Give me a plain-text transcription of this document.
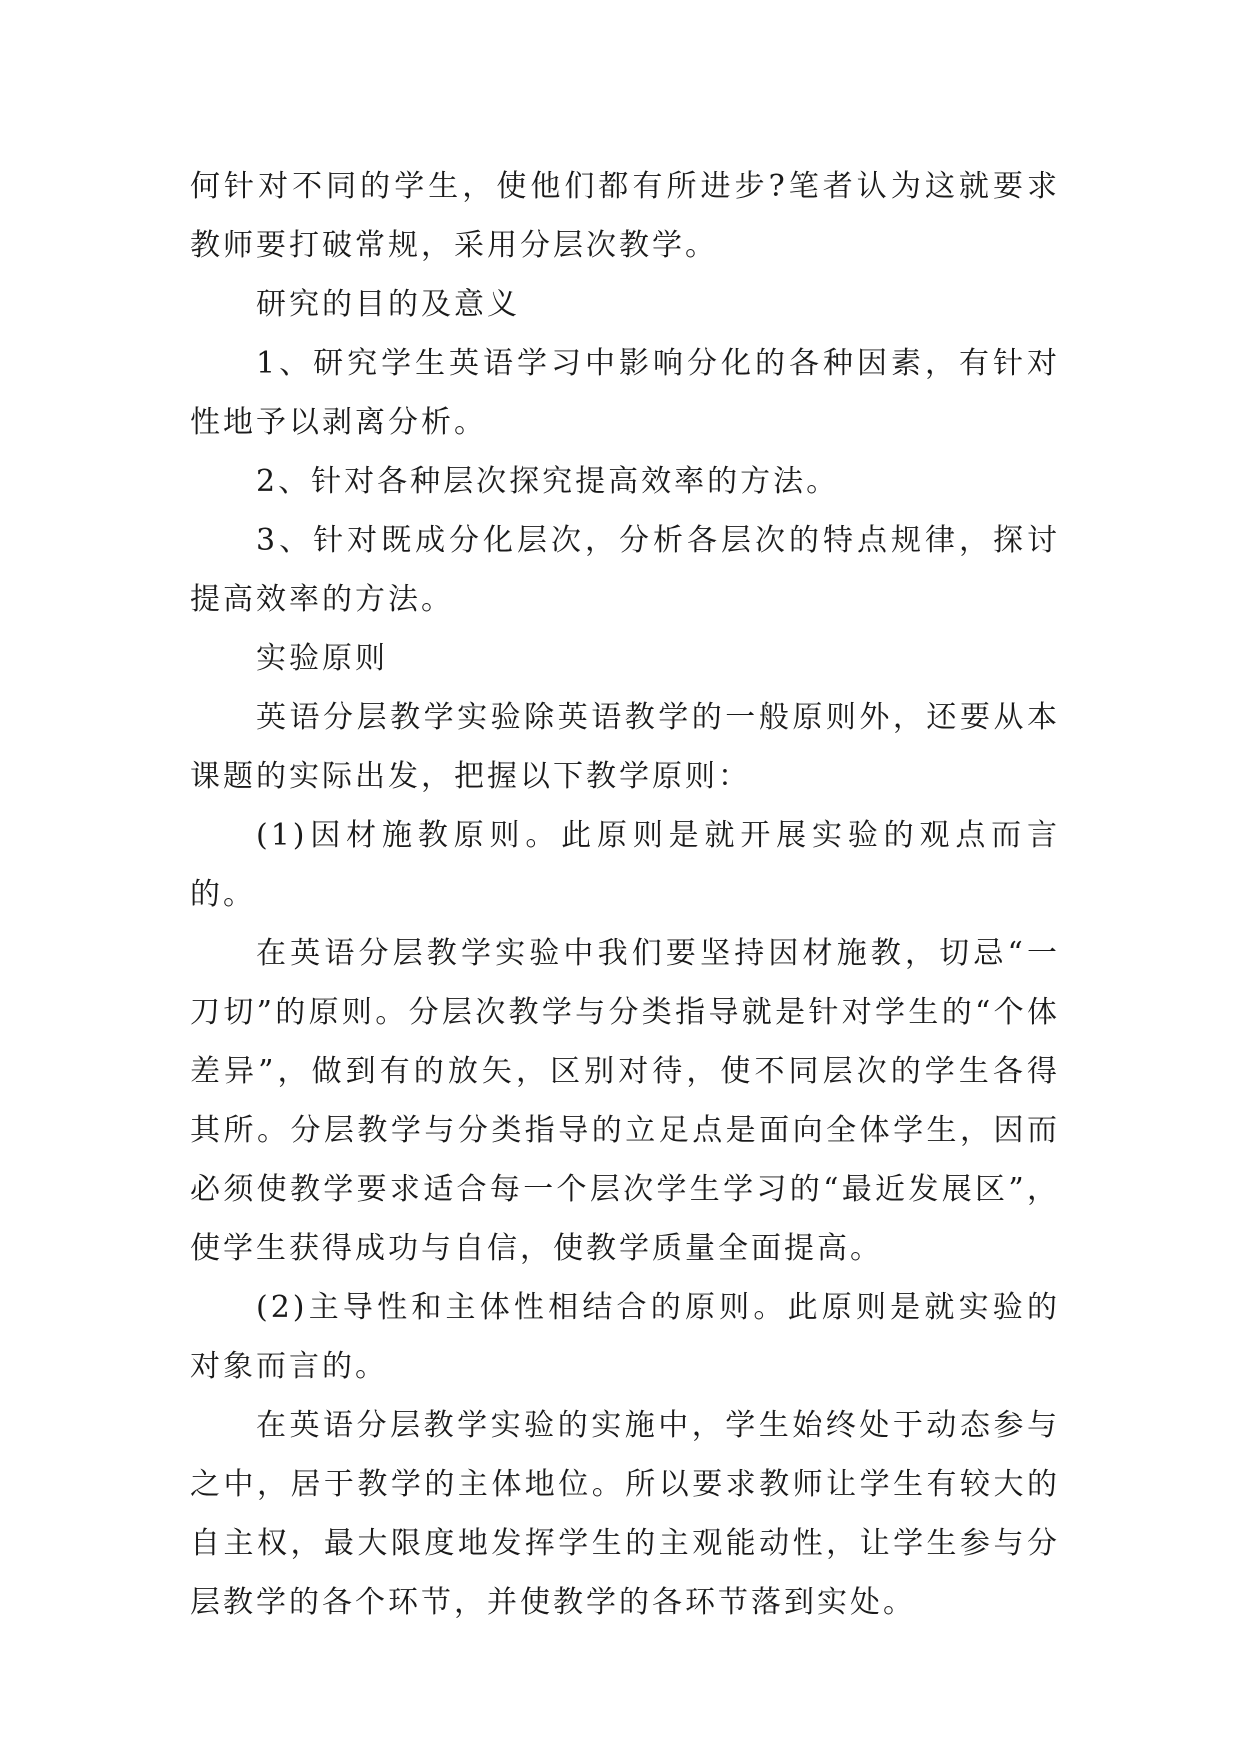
何针对不同的学生，使他们都有所进步?笔者认为这就要求教师要打破常规，采用分层次教学。

研究的目的及意义

1、研究学生英语学习中影响分化的各种因素，有针对性地予以剥离分析。

2、针对各种层次探究提高效率的方法。

3、针对既成分化层次，分析各层次的特点规律，探讨提高效率的方法。

实验原则

英语分层教学实验除英语教学的一般原则外，还要从本课题的实际出发，把握以下教学原则：

(1)因材施教原则。此原则是就开展实验的观点而言的。

在英语分层教学实验中我们要坚持因材施教，切忌“一刀切”的原则。分层次教学与分类指导就是针对学生的“个体差异”，做到有的放矢，区别对待，使不同层次的学生各得其所。分层教学与分类指导的立足点是面向全体学生，因而必须使教学要求适合每一个层次学生学习的“最近发展区”，使学生获得成功与自信，使教学质量全面提高。

(2)主导性和主体性相结合的原则。此原则是就实验的对象而言的。

在英语分层教学实验的实施中，学生始终处于动态参与之中，居于教学的主体地位。所以要求教师让学生有较大的自主权，最大限度地发挥学生的主观能动性，让学生参与分层教学的各个环节，并使教学的各环节落到实处。
